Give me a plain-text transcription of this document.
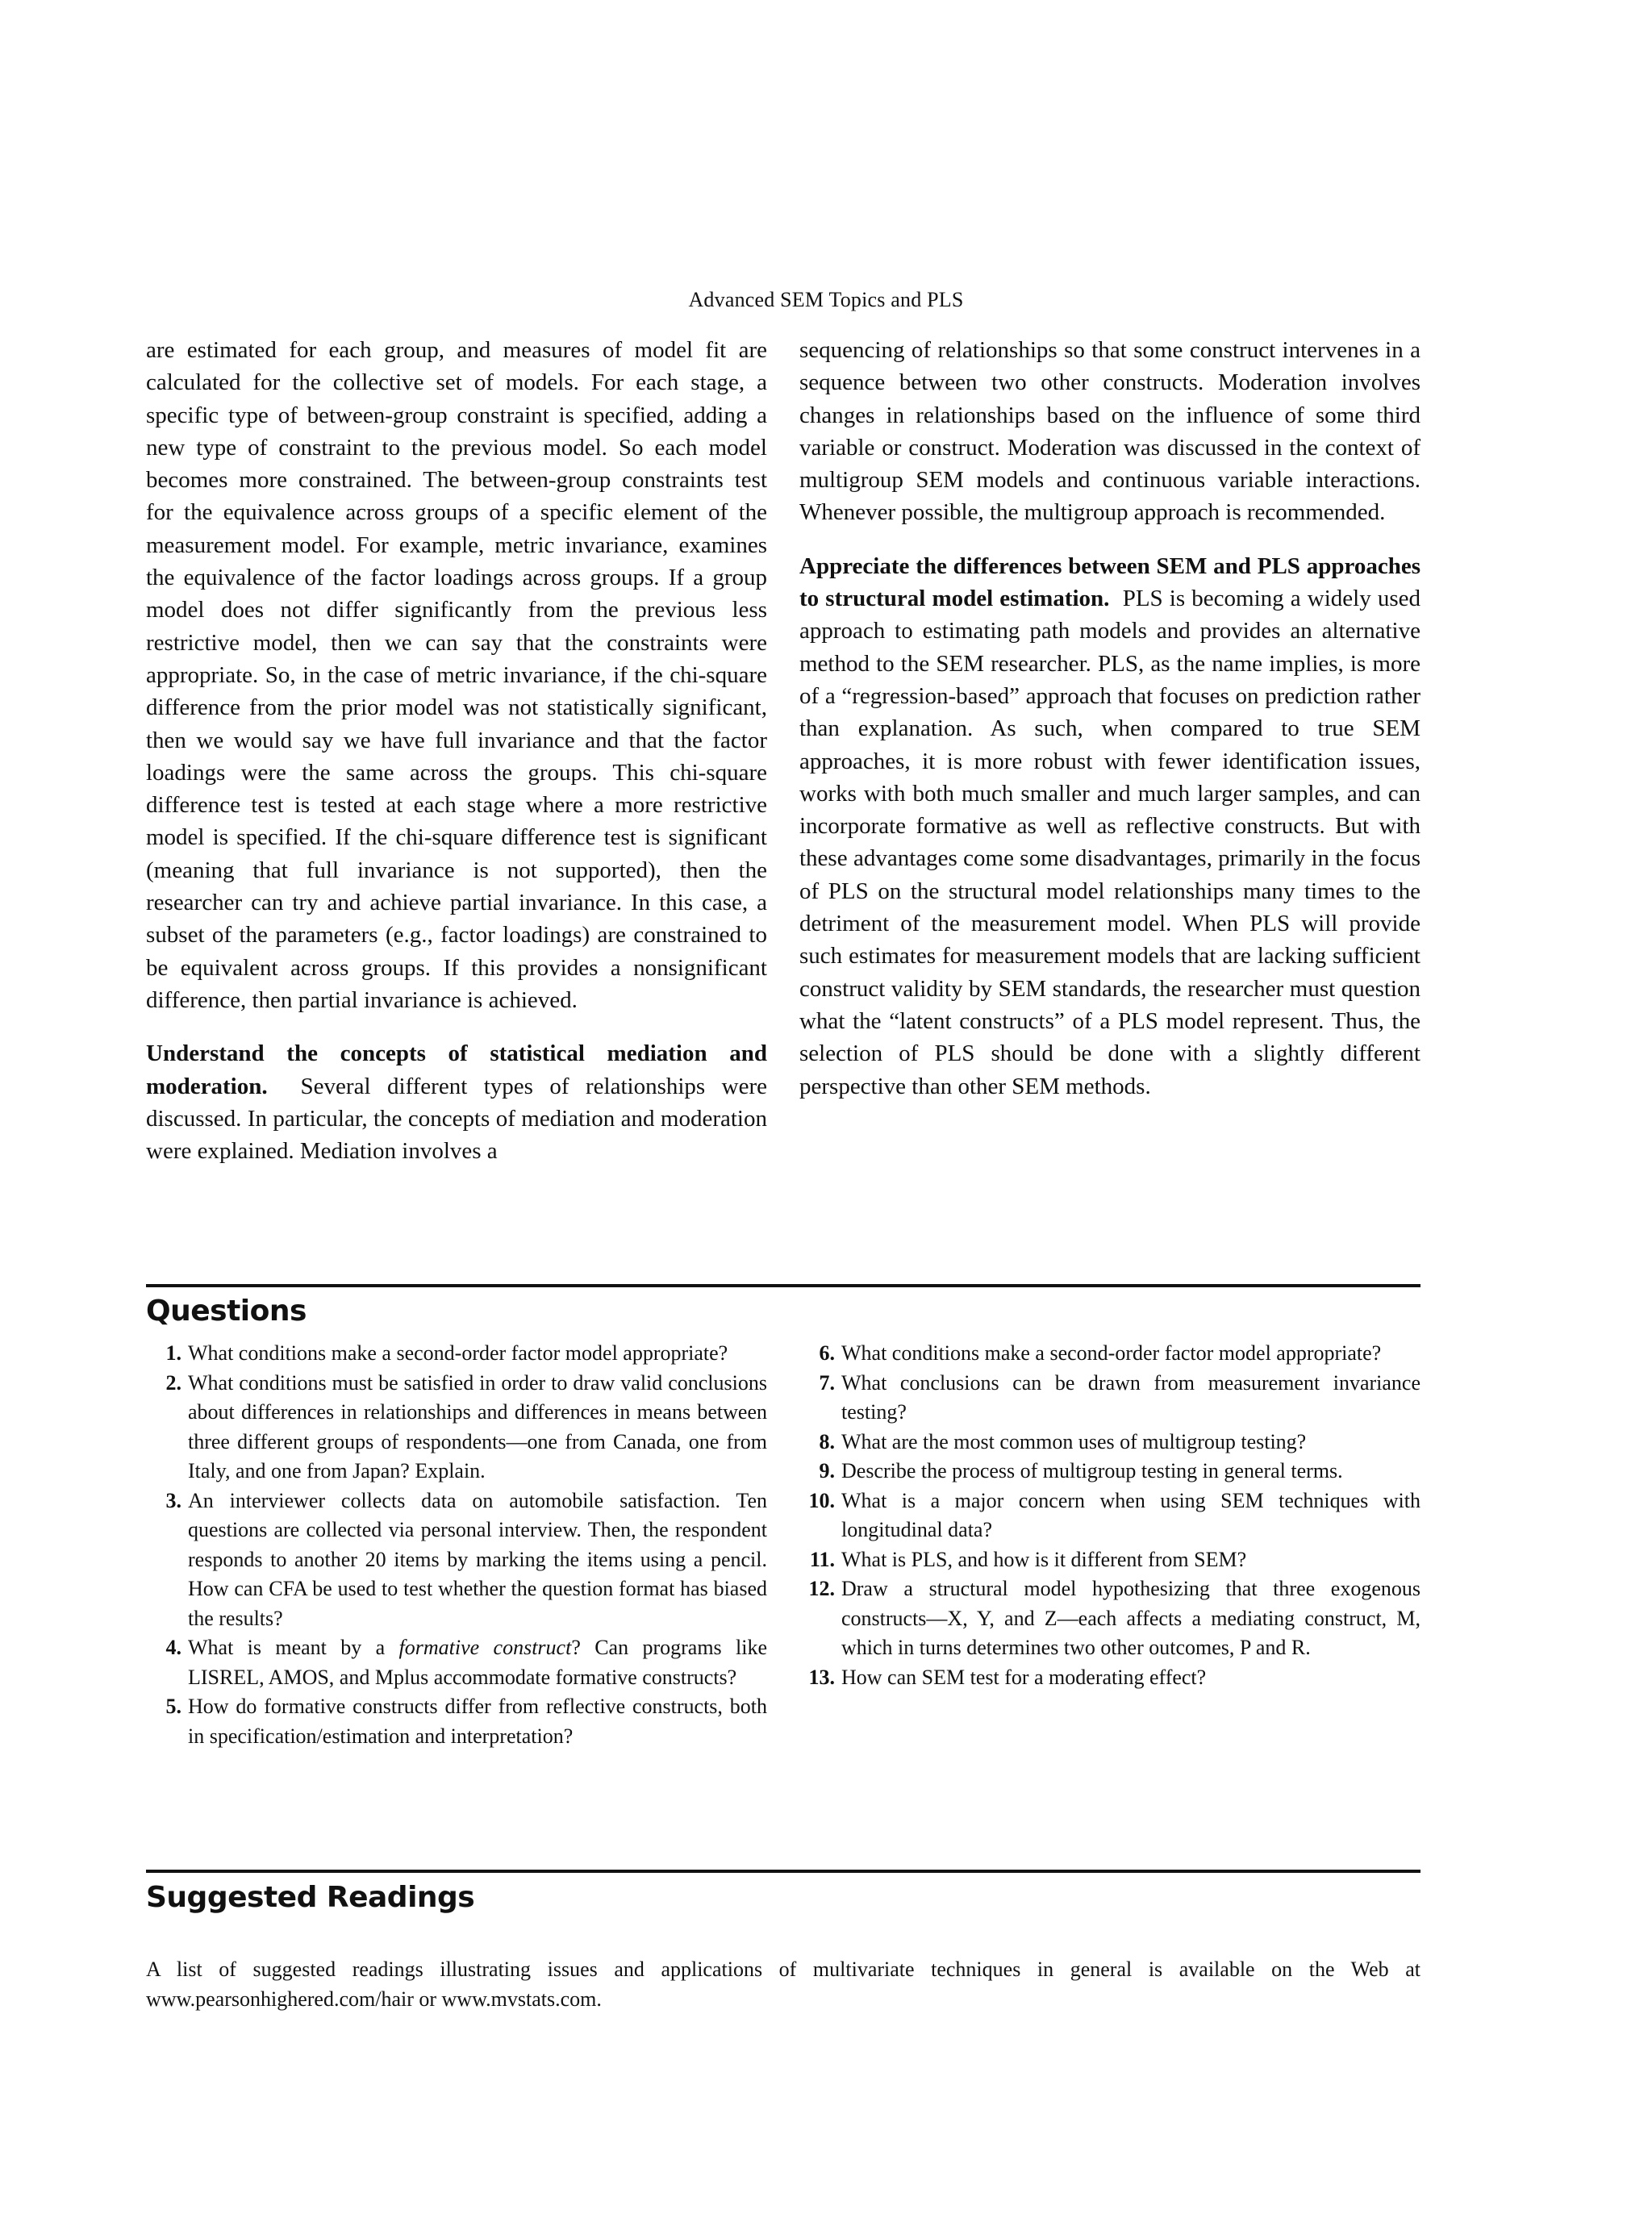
Advanced SEM Topics and PLS

are estimated for each group, and measures of model fit are calculated for the collective set of models. For each stage, a specific type of between-group constraint is specified, adding a new type of constraint to the previous model. So each model becomes more constrained. The between-group constraints test for the equivalence across groups of a specific element of the measurement model. For example, metric invariance, examines the equivalence of the factor loadings across groups. If a group model does not differ significantly from the previous less restrictive model, then we can say that the constraints were appropriate. So, in the case of metric invariance, if the chi-square difference from the prior model was not statistically significant, then we would say we have full invariance and that the factor loadings were the same across the groups. This chi-square difference test is tested at each stage where a more restrictive model is specified. If the chi-square difference test is significant (meaning that full invariance is not supported), then the researcher can try and achieve partial invariance. In this case, a subset of the parameters (e.g., factor loadings) are constrained to be equivalent across groups. If this provides a nonsignificant difference, then partial invariance is achieved.

Understand the concepts of statistical mediation and moderation. Several different types of relationships were discussed. In particular, the concepts of mediation and moderation were explained. Mediation involves a

sequencing of relationships so that some construct intervenes in a sequence between two other constructs. Moderation involves changes in relationships based on the influence of some third variable or construct. Moderation was discussed in the context of multigroup SEM models and continuous variable interactions. Whenever possible, the multigroup approach is recommended.

Appreciate the differences between SEM and PLS approaches to structural model estimation. PLS is becoming a widely used approach to estimating path models and provides an alternative method to the SEM researcher. PLS, as the name implies, is more of a “regression-based” approach that focuses on prediction rather than explanation. As such, when compared to true SEM approaches, it is more robust with fewer identification issues, works with both much smaller and much larger samples, and can incorporate formative as well as reflective constructs. But with these advantages come some disadvantages, primarily in the focus of PLS on the structural model relationships many times to the detriment of the measurement model. When PLS will provide such estimates for measurement models that are lacking sufficient construct validity by SEM standards, the researcher must question what the “latent constructs” of a PLS model represent. Thus, the selection of PLS should be done with a slightly different perspective than other SEM methods.

Questions
1. What conditions make a second-order factor model appropriate?
2. What conditions must be satisfied in order to draw valid conclusions about differences in relationships and differences in means between three different groups of respondents—one from Canada, one from Italy, and one from Japan? Explain.
3. An interviewer collects data on automobile satisfaction. Ten questions are collected via personal interview. Then, the respondent responds to another 20 items by marking the items using a pencil. How can CFA be used to test whether the question format has biased the results?
4. What is meant by a formative construct? Can programs like LISREL, AMOS, and Mplus accommodate formative constructs?
5. How do formative constructs differ from reflective constructs, both in specification/estimation and interpretation?
6. What conditions make a second-order factor model appropriate?
7. What conclusions can be drawn from measurement invariance testing?
8. What are the most common uses of multigroup testing?
9. Describe the process of multigroup testing in general terms.
10. What is a major concern when using SEM techniques with longitudinal data?
11. What is PLS, and how is it different from SEM?
12. Draw a structural model hypothesizing that three exogenous constructs—X, Y, and Z—each affects a mediating construct, M, which in turns determines two other outcomes, P and R.
13. How can SEM test for a moderating effect?
Suggested Readings

A list of suggested readings illustrating issues and applications of multivariate techniques in general is available on the Web at www.pearsonhighered.com/hair or www.mvstats.com.
